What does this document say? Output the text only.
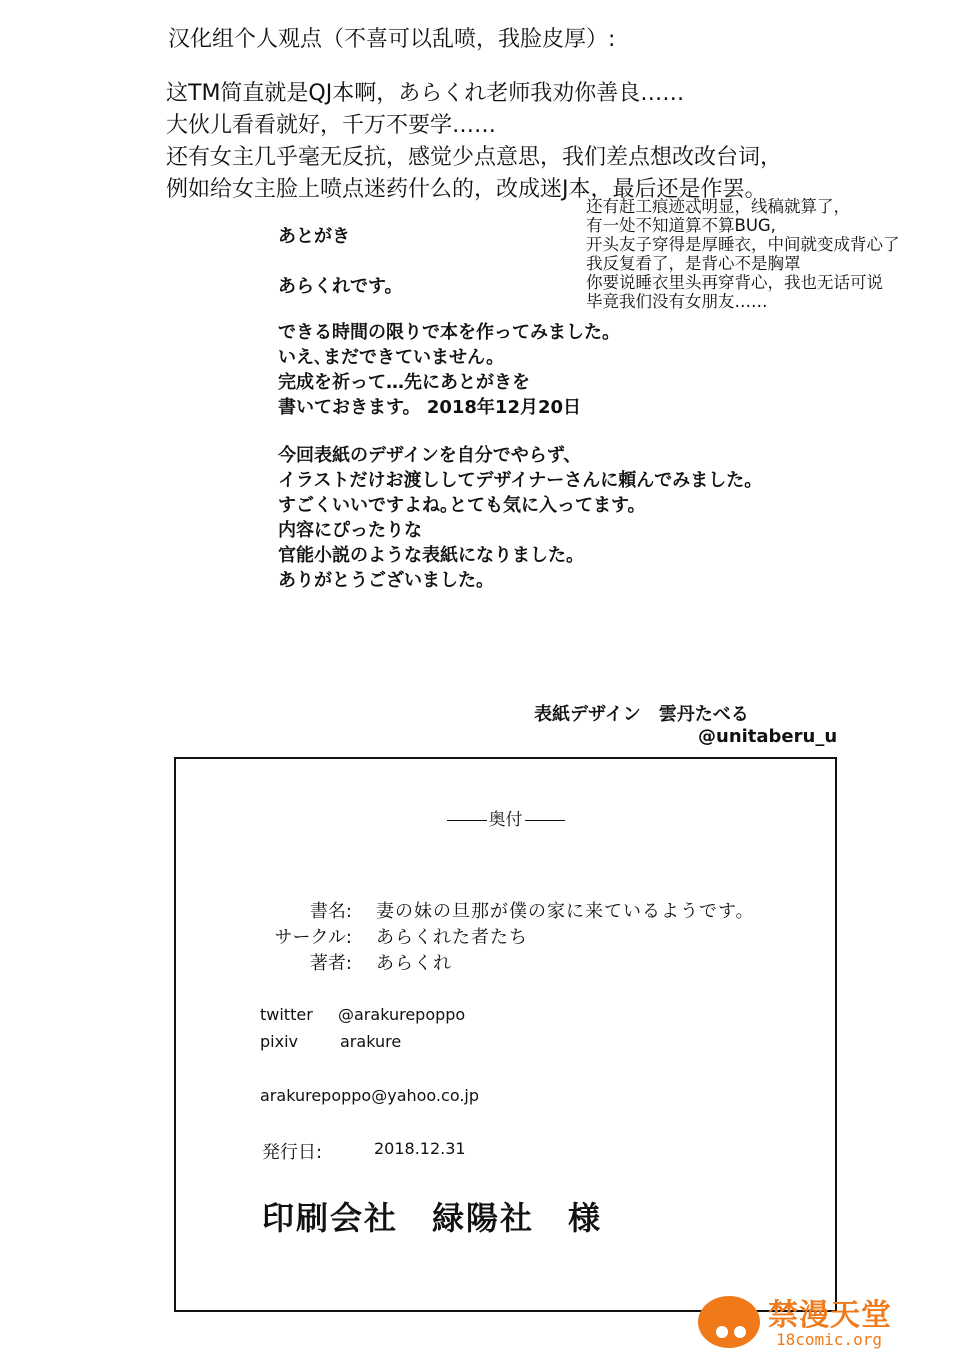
汉化组个人观点（不喜可以乱喷，我脸皮厚）:
这TM简直就是QJ本啊，あらくれ老师我劝你善良……
大伙儿看看就好，千万不要学……
还有女主几乎毫无反抗，感觉少点意思，我们差点想改改台词，
例如给女主脸上喷点迷药什么的，改成迷J本，最后还是作罢。
还有赶工痕迹忒明显，线稿就算了，
有一处不知道算不算BUG,
开头友子穿得是厚睡衣，中间就变成背心了
我反复看了，是背心不是胸罩
你要说睡衣里头再穿背心，我也无话可说
毕竟我们没有女朋友……
あとがき
あらくれです。
できる時間の限りで本を作ってみました。
いえ､まだできていません。
完成を祈って…先にあとがきを
書いておきます。 2018年12月20日
今回表紙のデザインを自分でやらず、
イラストだけお渡ししてデザイナーさんに頼んでみました。
すごくいいですよね｡とても気に入ってます。
内容にぴったりな
官能小説のような表紙になりました。
ありがとうございました。
表紙デザイン　雲丹たべる
@unitaberu_u
奥付
書名: 妻の妹の旦那が僕の家に来ているようです。
サークル: あらくれた者たち
著者: あらくれ
twitter @arakurepoppo
pixiv	arakure
arakurepoppo@yahoo.co.jp
発行日:	2018.12.31
印刷会社　緑陽社　様
禁漫天堂
18comic.org
